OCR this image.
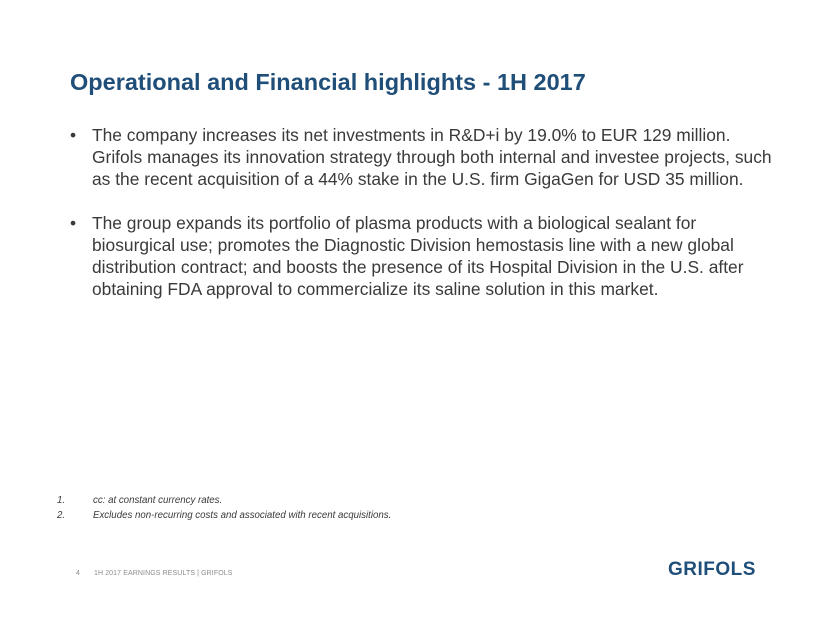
Operational and Financial highlights - 1H 2017
• The company increases its net investments in R&D+i by 19.0% to EUR 129 million. Grifols manages its innovation strategy through both internal and investee projects, such as the recent acquisition of a 44% stake in the U.S. firm GigaGen for USD 35 million.
• The group expands its portfolio of plasma products with a biological sealant for biosurgical use; promotes the Diagnostic Division hemostasis line with a new global distribution contract; and boosts the presence of its Hospital Division in the U.S. after obtaining FDA approval to commercialize its saline solution in this market.
1.	cc: at constant currency rates.
2.	Excludes non-recurring costs and associated with recent acquisitions.
4 1H 2017 EARNINGS RESULTS | GRIFOLS	GRIFOLS
